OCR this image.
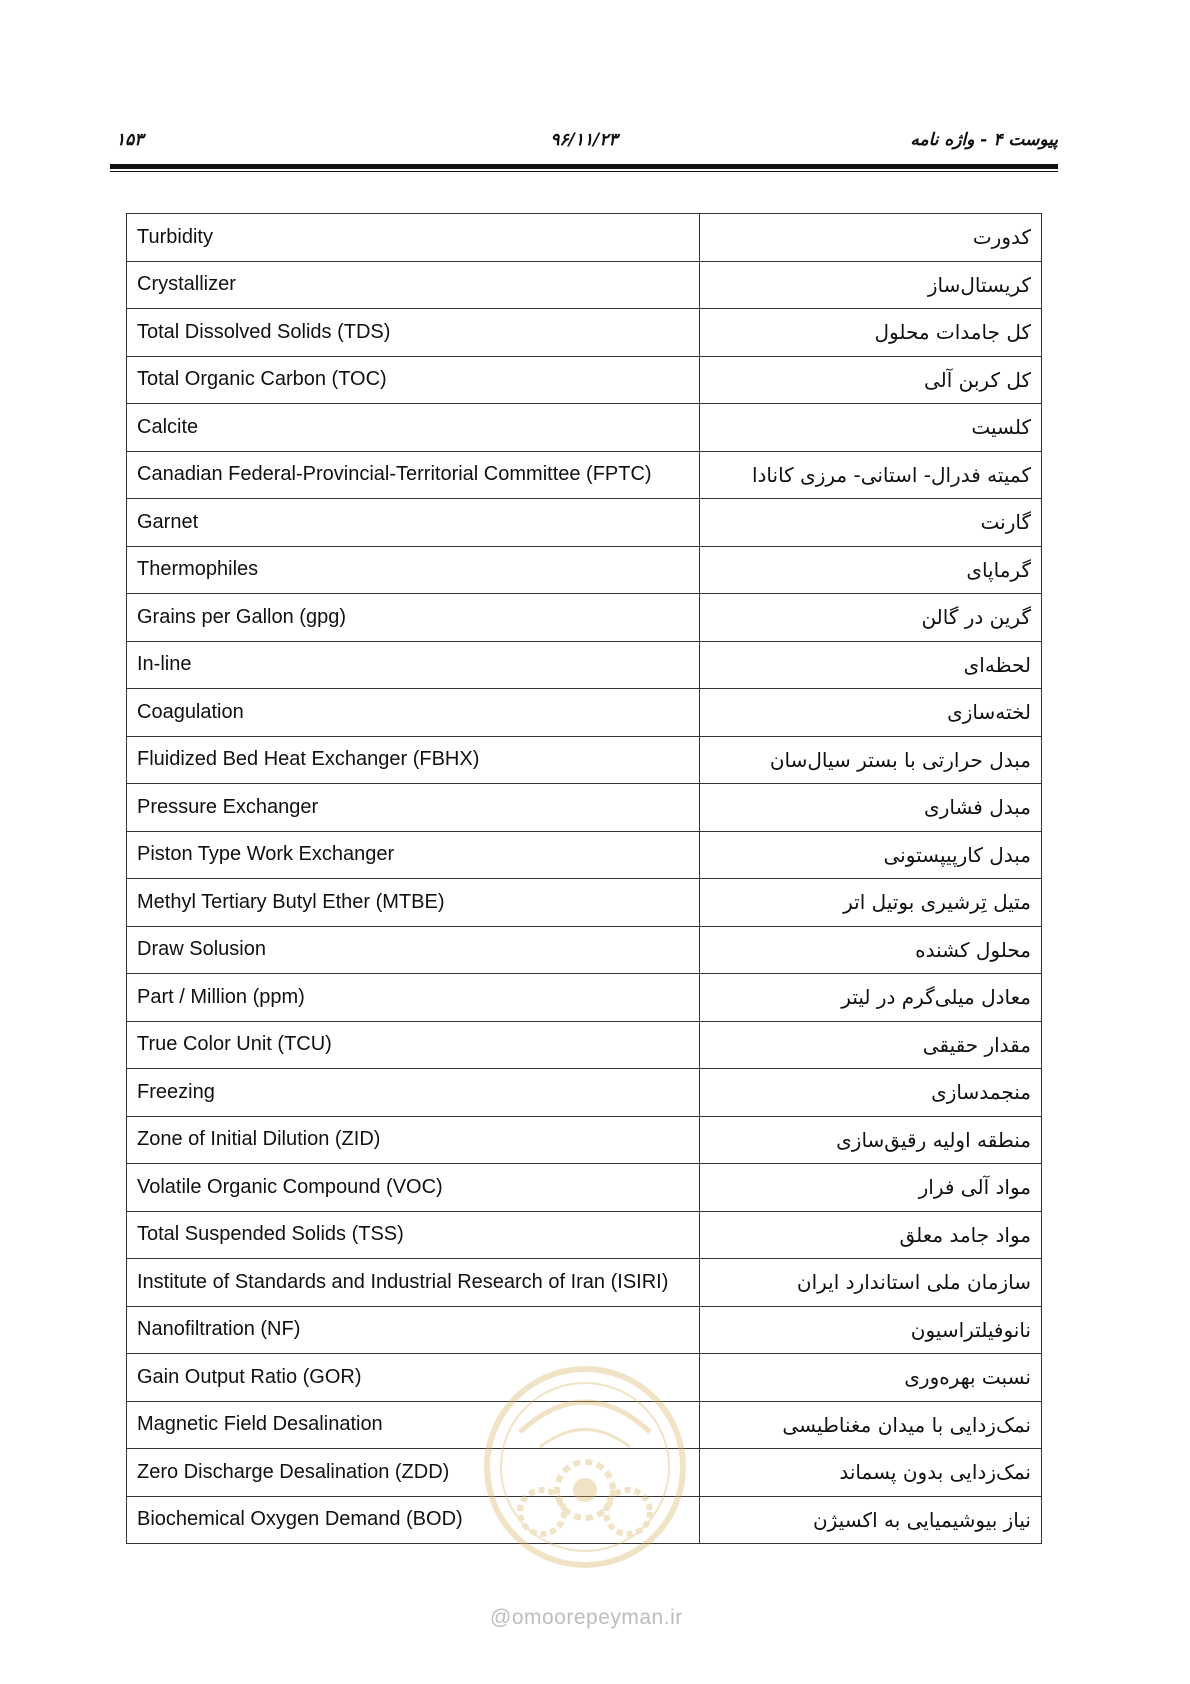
۱۵۳	۹۶/۱۱/۲۳	پیوست ۴ - واژه نامه
Turbidity	کدورت
Crystallizer	کریستال‌ساز
Total Dissolved Solids (TDS)	کل جامدات محلول
Total Organic Carbon (TOC)	کل کربن آلی
Calcite	کلسیت
Canadian Federal-Provincial-Territorial Committee (FPTC)	کمیته فدرال- استانی- مرزی کانادا
Garnet	گارنت
Thermophiles	گرماپای
Grains per Gallon (gpg)	گرین در گالن
In-line	لحظه‌ای
Coagulation	لخته‌سازی
Fluidized Bed Heat Exchanger (FBHX)	مبدل حرارتی با بستر سیال‌سان
Pressure Exchanger	مبدل فشاری
Piston Type Work Exchanger	مبدل کارپیپستونی
Methyl Tertiary Butyl Ether (MTBE)	متیل تِرشیری بوتیل اتر
Draw Solusion	محلول کشنده
Part / Million (ppm)	معادل میلی‌گرم در لیتر
True Color Unit (TCU)	مقدار حقیقی
Freezing	منجمدسازی
Zone of Initial Dilution (ZID)	منطقه اولیه رقیق‌سازی
Volatile Organic Compound (VOC)	مواد آلی فرار
Total Suspended Solids (TSS)	مواد جامد معلق
Institute of Standards and Industrial Research of Iran (ISIRI)	سازمان ملی استاندارد ایران
Nanofiltration (NF)	نانوفیلتراسیون
Gain Output Ratio (GOR)	نسبت بهره‌وری
Magnetic Field Desalination	نمک‌زدایی با میدان مغناطیسی
Zero Discharge Desalination (ZDD)	نمک‌زدایی بدون پسماند
Biochemical Oxygen Demand (BOD)	نیاز بیوشیمیایی به اکسیژن
@omoorepeyman.ir
